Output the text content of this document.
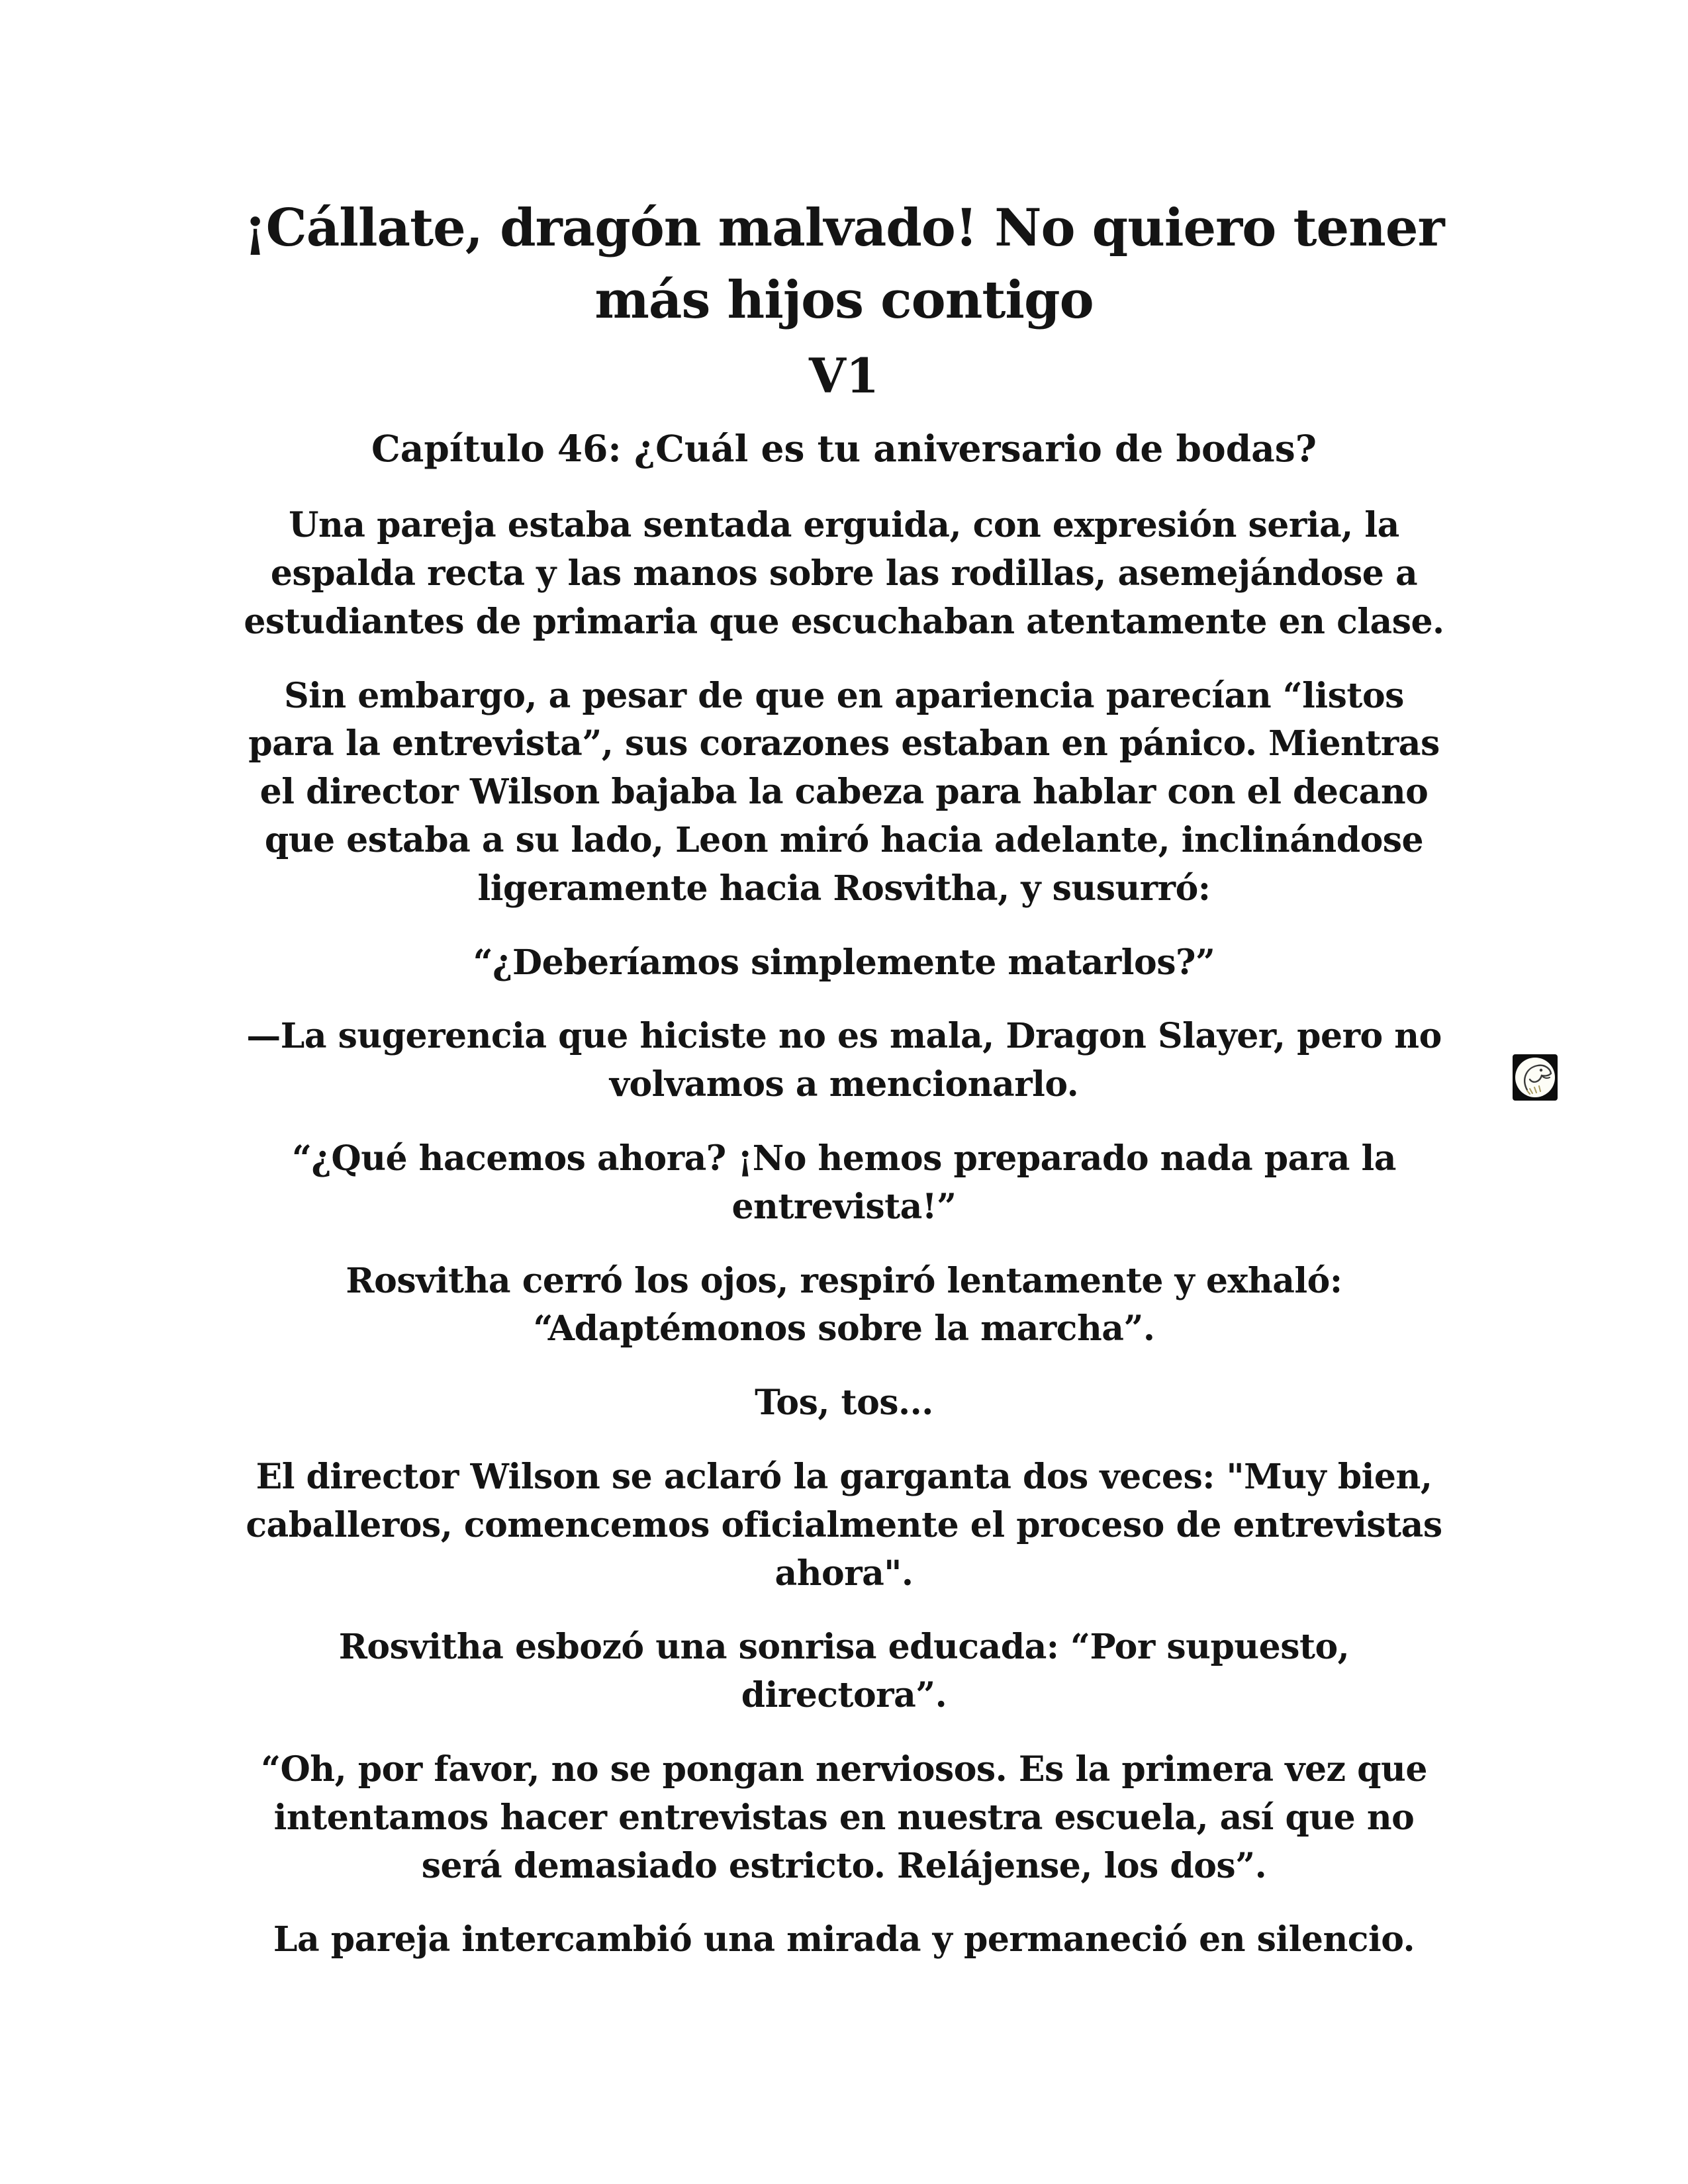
¡Cállate, dragón malvado! No quiero tener más hijos contigo
V1
Capítulo 46: ¿Cuál es tu aniversario de bodas?

Una pareja estaba sentada erguida, con expresión seria, la espalda recta y las manos sobre las rodillas, asemejándose a estudiantes de primaria que escuchaban atentamente en clase.

Sin embargo, a pesar de que en apariencia parecían “listos para la entrevista”, sus corazones estaban en pánico. Mientras el director Wilson bajaba la cabeza para hablar con el decano que estaba a su lado, Leon miró hacia adelante, inclinándose ligeramente hacia Rosvitha, y susurró:

“¿Deberíamos simplemente matarlos?”

—La sugerencia que hiciste no es mala, Dragon Slayer, pero no volvamos a mencionarlo.

“¿Qué hacemos ahora? ¡No hemos preparado nada para la entrevista!”

Rosvitha cerró los ojos, respiró lentamente y exhaló: “Adaptémonos sobre la marcha”.

Tos, tos...

El director Wilson se aclaró la garganta dos veces: "Muy bien, caballeros, comencemos oficialmente el proceso de entrevistas ahora".

Rosvitha esbozó una sonrisa educada: “Por supuesto, directora”.

“Oh, por favor, no se pongan nerviosos. Es la primera vez que intentamos hacer entrevistas en nuestra escuela, así que no será demasiado estricto. Relájense, los dos”.

La pareja intercambió una mirada y permaneció en silencio.
